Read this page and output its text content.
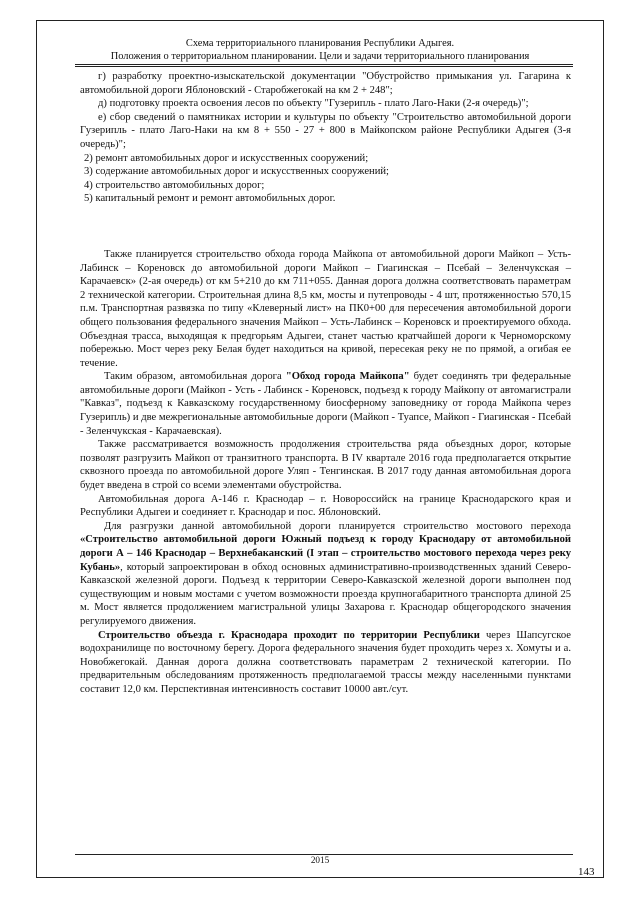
Схема территориального планирования Республики Адыгея.
Положения о территориальном планировании. Цели и задачи территориального планирования

г) разработку проектно-изыскательской документации "Обустройство примыкания ул. Гагарина к автомобильной дороги Яблоновский - Старобжегокай на км 2 + 248";

д) подготовку проекта освоения лесов по объекту "Гузерипль - плато Лаго-Наки (2-я очередь)";

е) сбор сведений о памятниках истории и культуры по объекту "Строительство автомобильной дороги Гузерипль - плато Лаго-Наки на км 8 + 550 - 27 + 800 в Майкопском районе Республики Адыгея (3-я очередь)";

2) ремонт автомобильных дорог и искусственных сооружений;

3) содержание автомобильных дорог и искусственных сооружений;

4) строительство автомобильных дорог;

5) капитальный ремонт и ремонт автомобильных дорог.

Также планируется строительство обхода города Майкопа от автомобильной дороги Майкоп – Усть-Лабинск – Кореновск до автомобильной дороги Майкоп – Гиагинская – Псебай – Зеленчукская – Карачаевск» (2-ая очередь) от км 5+210 до км 711+055. Данная дорога должна соответствовать параметрам 2 технической категории. Строительная длина 8,5 км, мосты и путепроводы - 4 шт, протяженностью 570,15 п.м. Транспортная развязка по типу «Клеверный лист» на ПК0+00 для пересечения автомобильной дороги общего пользования федерального значения Майкоп – Усть-Лабинск – Кореновск и проектируемого обхода. Объездная трасса, выходящая к предгорьям Адыгеи, станет частью кратчайшей дороги к Черноморскому побережью. Мост через реку Белая будет находиться на кривой, пересекая реку не по прямой, а огибая ее течение.

Таким образом, автомобильная дорога "Обход города Майкопа" будет соединять три федеральные автомобильные дороги (Майкоп - Усть - Лабинск - Кореновск, подъезд к городу Майкопу от автомагистрали "Кавказ", подъезд к Кавказскому государственному биосферному заповеднику от города Майкопа через Гузерипль) и две межрегиональные автомобильные дороги (Майкоп - Туапсе, Майкоп - Гиагинская - Псебай - Зеленчукская - Карачаевская).

Также рассматривается возможность продолжения строительства ряда объездных дорог, которые позволят разгрузить Майкоп от транзитного транспорта. В IV квартале 2016 года предполагается открытие сквозного проезда по автомобильной дороге Уляп - Тенгинская. В 2017 году данная автомобильная дорога будет введена в строй со всеми элементами обустройства.

Автомобильная дорога А-146 г. Краснодар – г. Новороссийск на границе Краснодарского края и Республики Адыгеи и соединяет г. Краснодар и пос. Яблоновский.

Для разгрузки данной автомобильной дороги планируется строительство мостового перехода «Строительство автомобильной дороги Южный подъезд к городу Краснодару от автомобильной дороги А – 146 Краснодар – Верхнебаканский (I этап – строительство мостового перехода через реку Кубань», который запроектирован в обход основных административно-производственных зданий Северо-Кавказской железной дороги. Подъезд к территории Северо-Кавказской железной дороги выполнен под существующим и новым мостами с учетом возможности проезда крупногабаритного транспорта длиной 25 м. Мост является продолжением магистральной улицы Захарова г. Краснодар общегородского значения регулируемого движения.

Строительство объезда г. Краснодара проходит по территории Республики через Шапсугское водохранилище по восточному берегу. Дорога федерального значения будет проходить через х. Хомуты и а. Новобжегокай. Данная дорога должна соответствовать параметрам 2 технической категории. По предварительным обследованиям протяженность предполагаемой трассы между населенными пунктами составит 12,0 км. Перспективная интенсивность составит 10000 авт./сут.

2015
143
